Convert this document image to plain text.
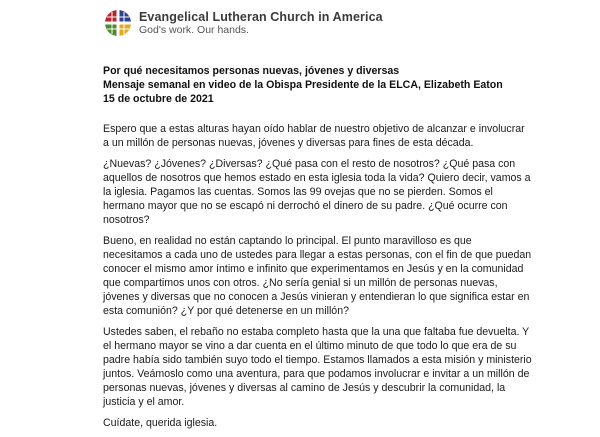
Evangelical Lutheran Church in America
God's work. Our hands.
Por qué necesitamos personas nuevas, jóvenes y diversas
Mensaje semanal en video de la Obispa Presidente de la ELCA, Elizabeth Eaton
15 de octubre de 2021

Espero que a estas alturas hayan oído hablar de nuestro objetivo de alcanzar e involucrar a un millón de personas nuevas, jóvenes y diversas para fines de esta década.

¿Nuevas? ¿Jóvenes? ¿Diversas? ¿Qué pasa con el resto de nosotros? ¿Qué pasa con aquellos de nosotros que hemos estado en esta iglesia toda la vida? Quiero decir, vamos a la iglesia. Pagamos las cuentas. Somos las 99 ovejas que no se pierden. Somos el hermano mayor que no se escapó ni derrochó el dinero de su padre. ¿Qué ocurre con nosotros?

Bueno, en realidad no están captando lo principal. El punto maravilloso es que necesitamos a cada uno de ustedes para llegar a estas personas, con el fin de que puedan conocer el mismo amor íntimo e infinito que experimentamos en Jesús y en la comunidad que compartimos unos con otros. ¿No sería genial si un millón de personas nuevas, jóvenes y diversas que no conocen a Jesús vinieran y entendieran lo que significa estar en esta comunión? ¿Y por qué detenerse en un millón?

Ustedes saben, el rebaño no estaba completo hasta que la una que faltaba fue devuelta. Y el hermano mayor se vino a dar cuenta en el último minuto de que todo lo que era de su padre había sido también suyo todo el tiempo. Estamos llamados a esta misión y ministerio juntos. Veámoslo como una aventura, para que podamos involucrar e invitar a un millón de personas nuevas, jóvenes y diversas al camino de Jesús y descubrir la comunidad, la justicia y el amor.

Cuídate, querida iglesia.
